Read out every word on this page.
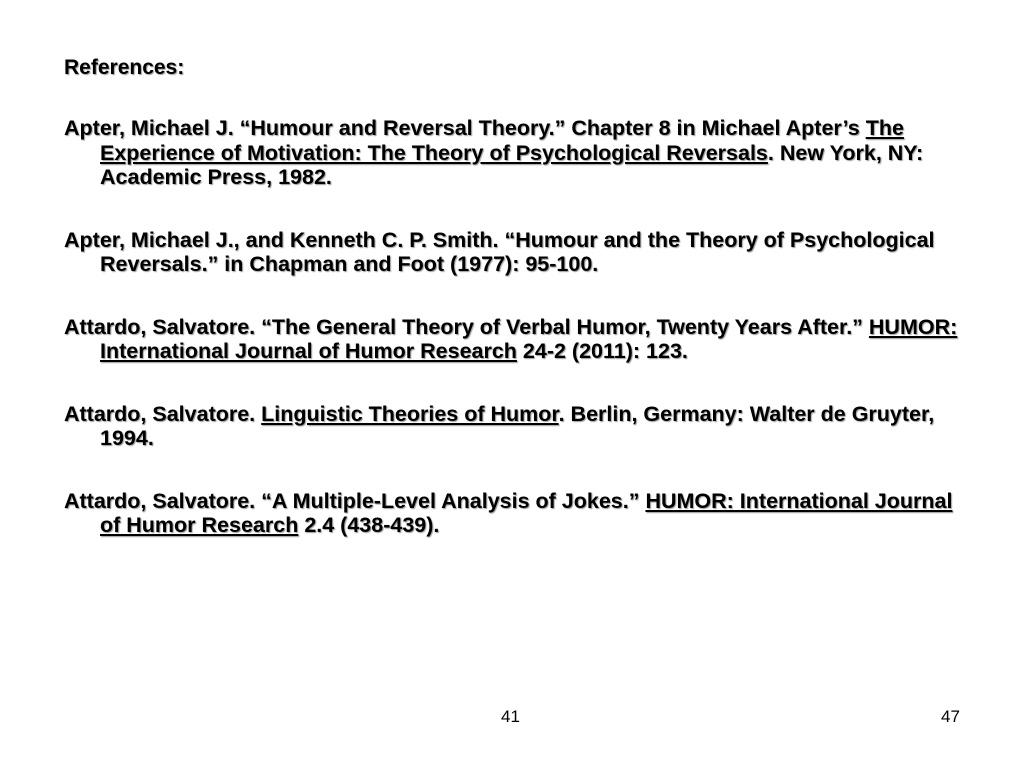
References:
Apter, Michael J. “Humour and Reversal Theory.” Chapter 8 in Michael Apter’s The Experience of Motivation: The Theory of Psychological Reversals. New York, NY: Academic Press, 1982.
Apter, Michael J., and Kenneth C. P. Smith. “Humour and the Theory of Psychological Reversals.” in Chapman and Foot (1977): 95-100.
Attardo, Salvatore. “The General Theory of Verbal Humor, Twenty Years After.” HUMOR: International Journal of Humor Research 24-2 (2011): 123.
Attardo, Salvatore. Linguistic Theories of Humor. Berlin, Germany: Walter de Gruyter, 1994.
Attardo, Salvatore. “A Multiple-Level Analysis of Jokes.” HUMOR: International Journal of Humor Research 2.4 (438-439).
41	47
